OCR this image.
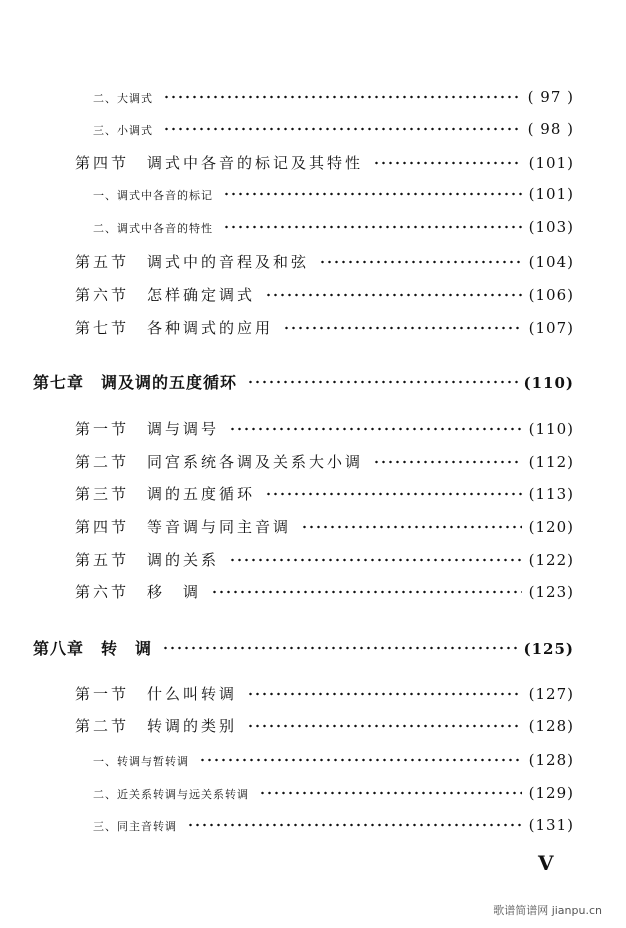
二、大调式	( 97 )
三、小调式	( 98 )
第四节　调式中各音的标记及其特性	(101)
一、调式中各音的标记	(101)
二、调式中各音的特性	(103)
第五节　调式中的音程及和弦	(104)
第六节　怎样确定调式	(106)
第七节　各种调式的应用	(107)
第七章　调及调的五度循环	(110)
第一节　调与调号	(110)
第二节　同宫系统各调及关系大小调	(112)
第三节　调的五度循环	(113)
第四节　等音调与同主音调	(120)
第五节　调的关系	(122)
第六节　移　调	(123)
第八章　转　调	(125)
第一节　什么叫转调	(127)
第二节　转调的类别	(128)
一、转调与暂转调	(128)
二、近关系转调与远关系转调	(129)
三、同主音转调	(131)
V
歌谱简谱网 jianpu.cn
